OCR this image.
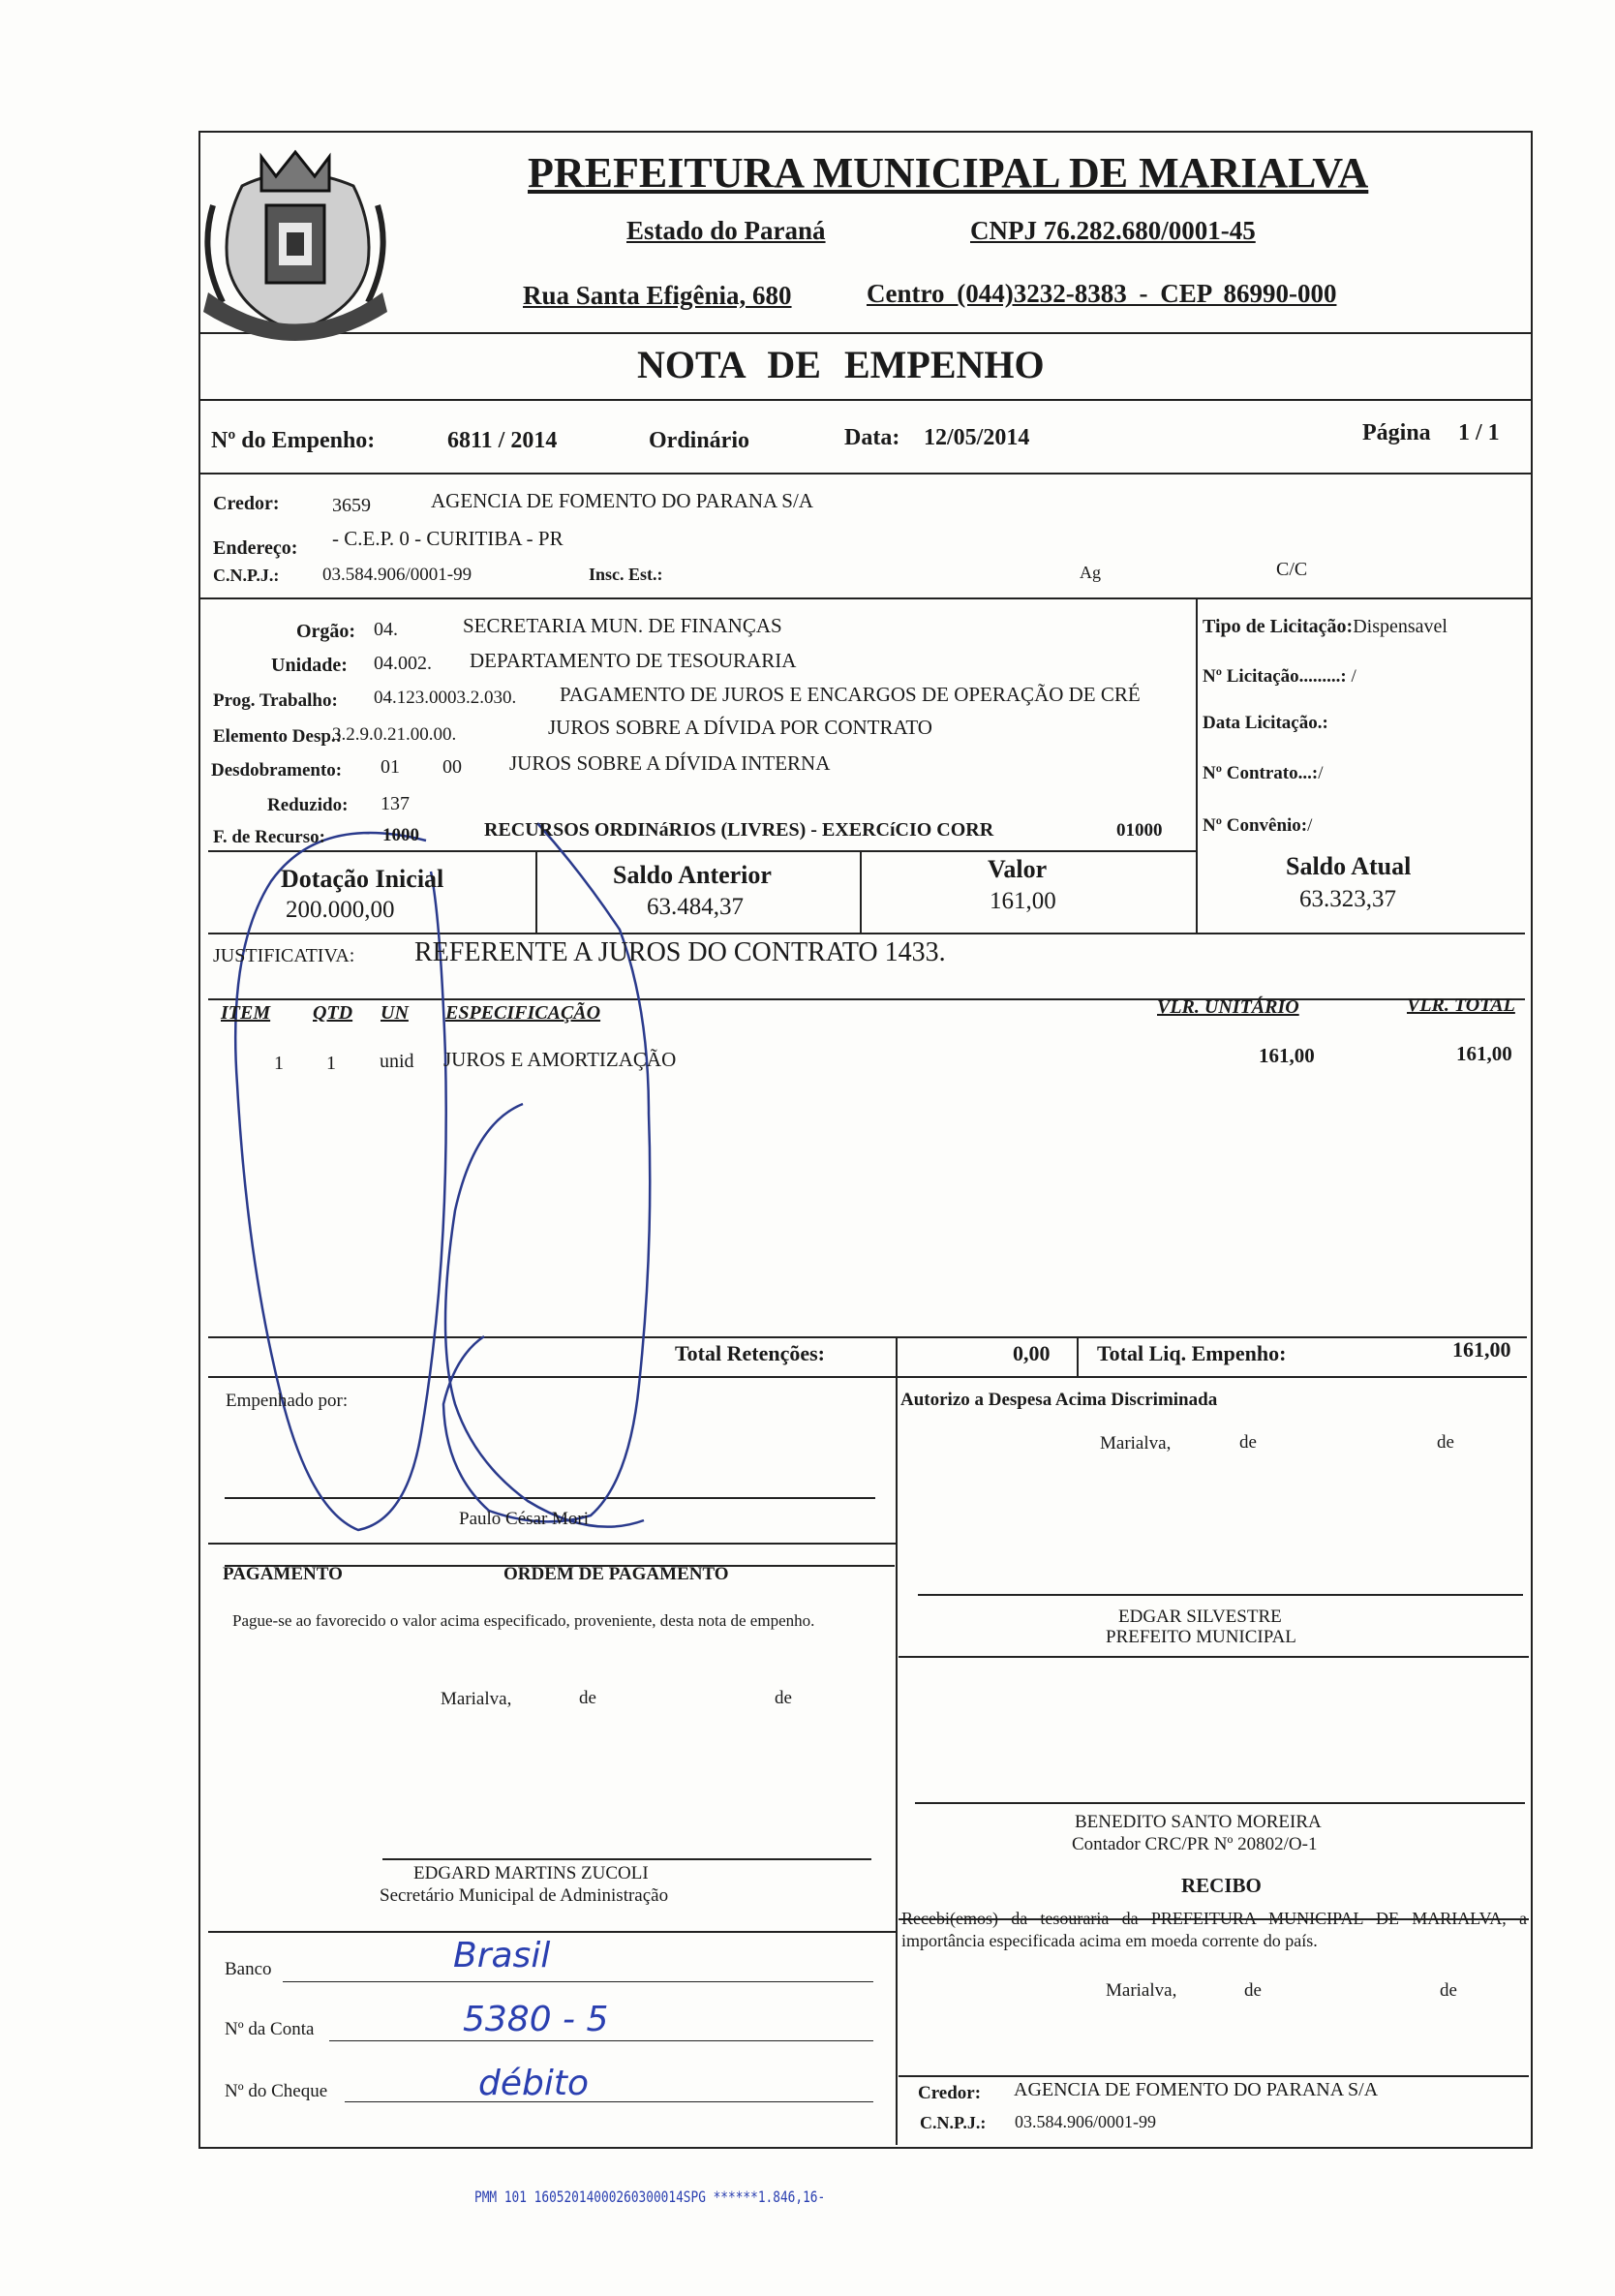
PREFEITURA MUNICIPAL DE MARIALVA
Estado do Paraná	CNPJ 76.282.680/0001-45
Rua Santa Efigênia, 680	Centro (044)3232-8383 - CEP 86990-000
NOTA DE EMPENHO
Nº do Empenho:	6811 / 2014	Ordinário	Data: 12/05/2014	Página 1 / 1
Credor:	3659	AGENCIA DE FOMENTO DO PARANA S/A
Endereço: - C.E.P. 0 - CURITIBA - PR
C.N.P.J.: 03.584.906/0001-99	Insc. Est.:	Ag	C/C
Orgão: 04.	SECRETARIA MUN. DE FINANÇAS
Unidade: 04.002. DEPARTAMENTO DE TESOURARIA
Prog. Trabalho: 04.123.0003.2.030. PAGAMENTO DE JUROS E ENCARGOS DE OPERAÇÃO DE CRÉ
Elemento Desp.:
3.2.9.0.21.00.00.	JUROS SOBRE A DÍVIDA POR CONTRATO
Desdobramento: 01 00 JUROS SOBRE A DÍVIDA INTERNA
Reduzido: 137
F. de Recurso:	1000	RECURSOS ORDINáRIOS (LIVRES) - EXERCíCIO CORR	01000
Tipo de Licitação:Dispensavel
Nº Licitação.........: /
Data Licitação.:
Nº Contrato...:/
Nº Convênio:/
Dotação Inicial
200.000,00
Saldo Anterior
63.484,37
Valor
161,00
Saldo Atual
63.323,37
JUSTIFICATIVA: REFERENTE A JUROS DO CONTRATO 1433.
ITEM QTD UN ESPECIFICAÇÃO	VLR. UNITÁRIO	VLR. TOTAL
1 1 unid JUROS E AMORTIZAÇÃO	161,00	161,00
Total Retenções:	0,00 Total Liq. Empenho:	161,00
Empenhado por:
Paulo César Mori
Autorizo a Despesa Acima Discriminada
Marialva,	de	de
EDGAR SILVESTRE
PREFEITO MUNICIPAL
PAGAMENTO	ORDEM DE PAGAMENTO
Pague-se ao favorecido o valor acima especificado, proveniente, desta nota de empenho.
Marialva,	de	de
EDGARD MARTINS ZUCOLI
Secretário Municipal de Administração
BENEDITO SANTO MOREIRA
Contador CRC/PR Nº 20802/O-1
RECIBO
Recebi(emos) da tesouraria da PREFEITURA MUNICIPAL DE MARIALVA, a importância especificada acima em moeda corrente do país.
Marialva,	de	de
Credor: AGENCIA DE FOMENTO DO PARANA S/A
C.N.P.J.: 03.584.906/0001-99
Banco	Brasil
Nº da Conta	5380 - 5
Nº do Cheque	débito
PMM 101 16052014000260300014SPG ******1.846,16-
